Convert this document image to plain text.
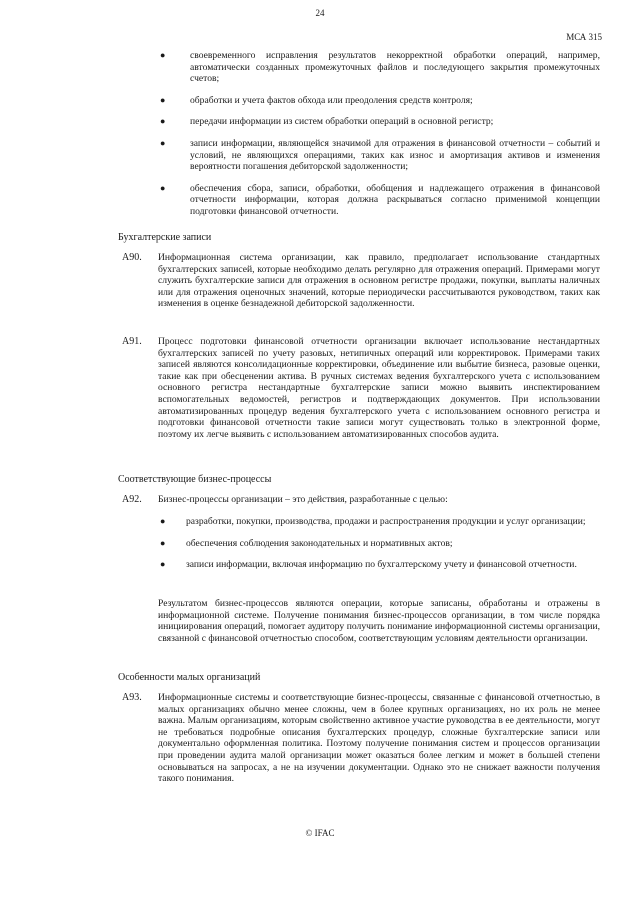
24
МСА 315
●	своевременного исправления результатов некорректной обработки операций, например, автоматически созданных промежуточных файлов и последующего закрытия промежуточных счетов;
●	обработки и учета фактов обхода или преодоления средств контроля;
●	передачи информации из систем обработки операций в основной регистр;
●	записи информации, являющейся значимой для отражения в финансовой отчетности – событий и условий, не являющихся операциями, таких как износ и амортизация активов и изменения вероятности погашения дебиторской задолженности;
●	обеспечения сбора, записи, обработки, обобщения и надлежащего отражения в финансовой отчетности информации, которая должна раскрываться согласно применимой концепции подготовки финансовой отчетности.
Бухгалтерские записи
A90. Информационная система организации, как правило, предполагает использование стандартных бухгалтерских записей, которые необходимо делать регулярно для отражения операций. Примерами могут служить бухгалтерские записи для отражения в основном регистре продажи, покупки, выплаты наличных или для отражения оценочных значений, которые периодически рассчитываются руководством, таких как изменения в оценке безнадежной дебиторской задолженности.
A91. Процесс подготовки финансовой отчетности организации включает использование нестандартных бухгалтерских записей по учету разовых, нетипичных операций или корректировок. Примерами таких записей являются консолидационные корректировки, объединение или выбытие бизнеса, разовые оценки, такие как при обесценении актива. В ручных системах ведения бухгалтерского учета с использованием основного регистра нестандартные бухгалтерские записи можно выявить инспектированием вспомогательных ведомостей, регистров и подтверждающих документов. При использовании автоматизированных процедур ведения бухгалтерского учета с использованием основного регистра и подготовки финансовой отчетности такие записи могут существовать только в электронной форме, поэтому их легче выявить с использованием автоматизированных способов аудита.
Соответствующие бизнес-процессы
A92. Бизнес-процессы организации – это действия, разработанные с целью:
● разработки, покупки, производства, продажи и распространения продукции и услуг организации;
● обеспечения соблюдения законодательных и нормативных актов;
● записи информации, включая информацию по бухгалтерскому учету и финансовой отчетности.
Результатом бизнес-процессов являются операции, которые записаны, обработаны и отражены в информационной системе. Получение понимания бизнес-процессов организации, в том числе порядка инициирования операций, помогает аудитору получить понимание информационной системы организации, связанной с финансовой отчетностью способом, соответствующим условиям деятельности организации.
Особенности малых организаций
A93. Информационные системы и соответствующие бизнес-процессы, связанные с финансовой отчетностью, в малых организациях обычно менее сложны, чем в более крупных организациях, но их роль не менее важна. Малым организациям, которым свойственно активное участие руководства в ее деятельности, могут не требоваться подробные описания бухгалтерских процедур, сложные бухгалтерские записи или документально оформленная политика. Поэтому получение понимания систем и процессов организации при проведении аудита малой организации может оказаться более легким и может в большей степени основываться на запросах, а не на изучении документации. Однако это не снижает важности получения такого понимания.
© IFAC
